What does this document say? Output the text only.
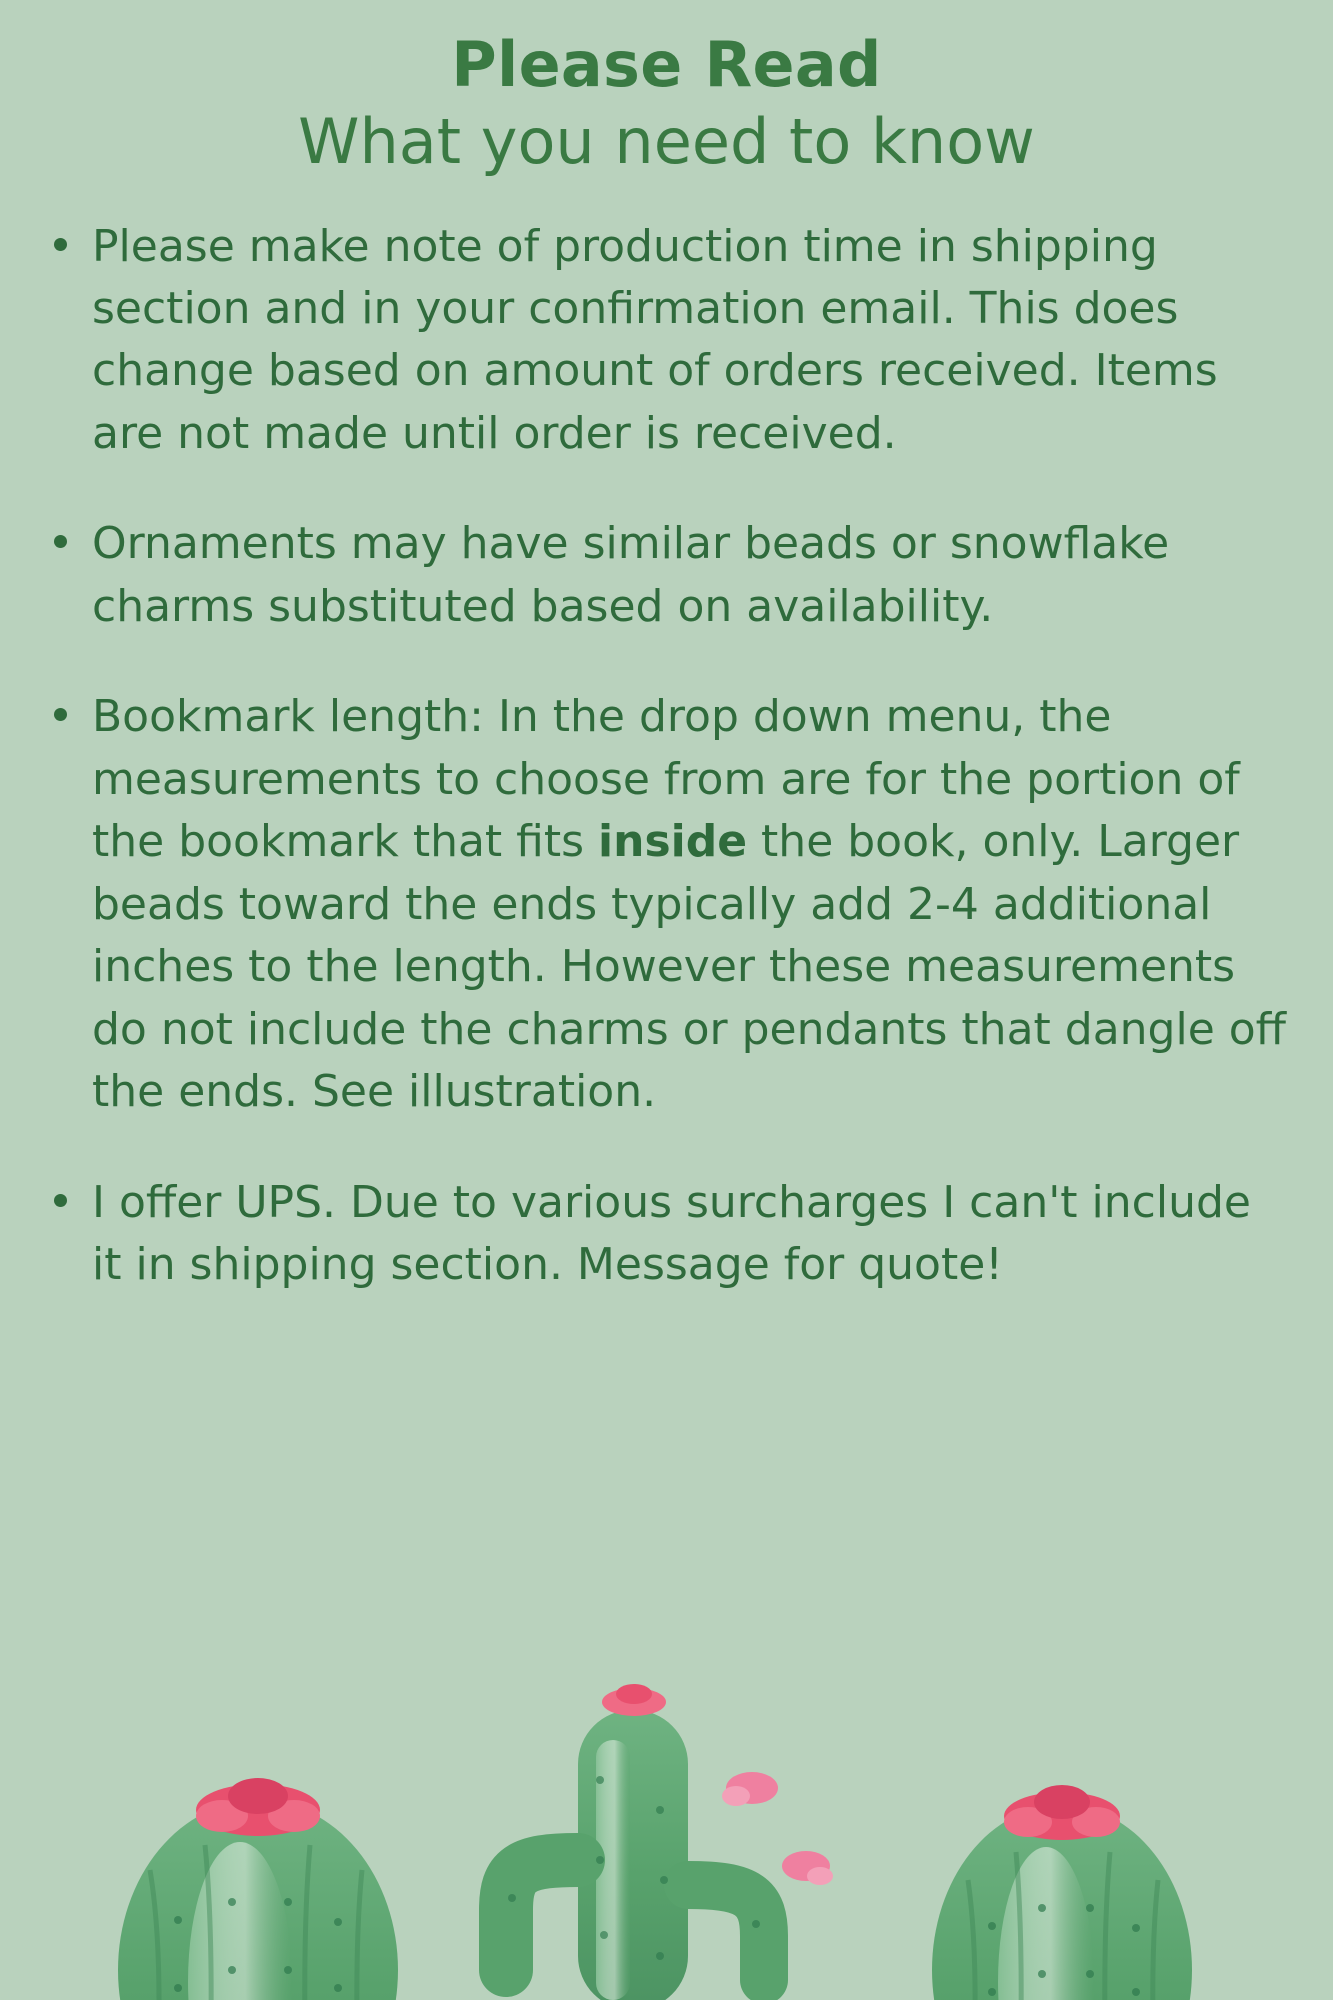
Please Read
What you need to know
Please make note of production time in shipping section and in your confirmation email. This does change based on amount of orders received. Items are not made until order is received.
Ornaments may have similar beads or snowflake charms substituted based on availability.
Bookmark length: In the drop down menu, the measurements to choose from are for the portion of the bookmark that fits inside the book, only. Larger beads toward the ends typically add 2-4 additional inches to the length. However these measurements do not include the charms or pendants that dangle off the ends. See illustration.
I offer UPS. Due to various surcharges I can't include it in shipping section. Message for quote!
